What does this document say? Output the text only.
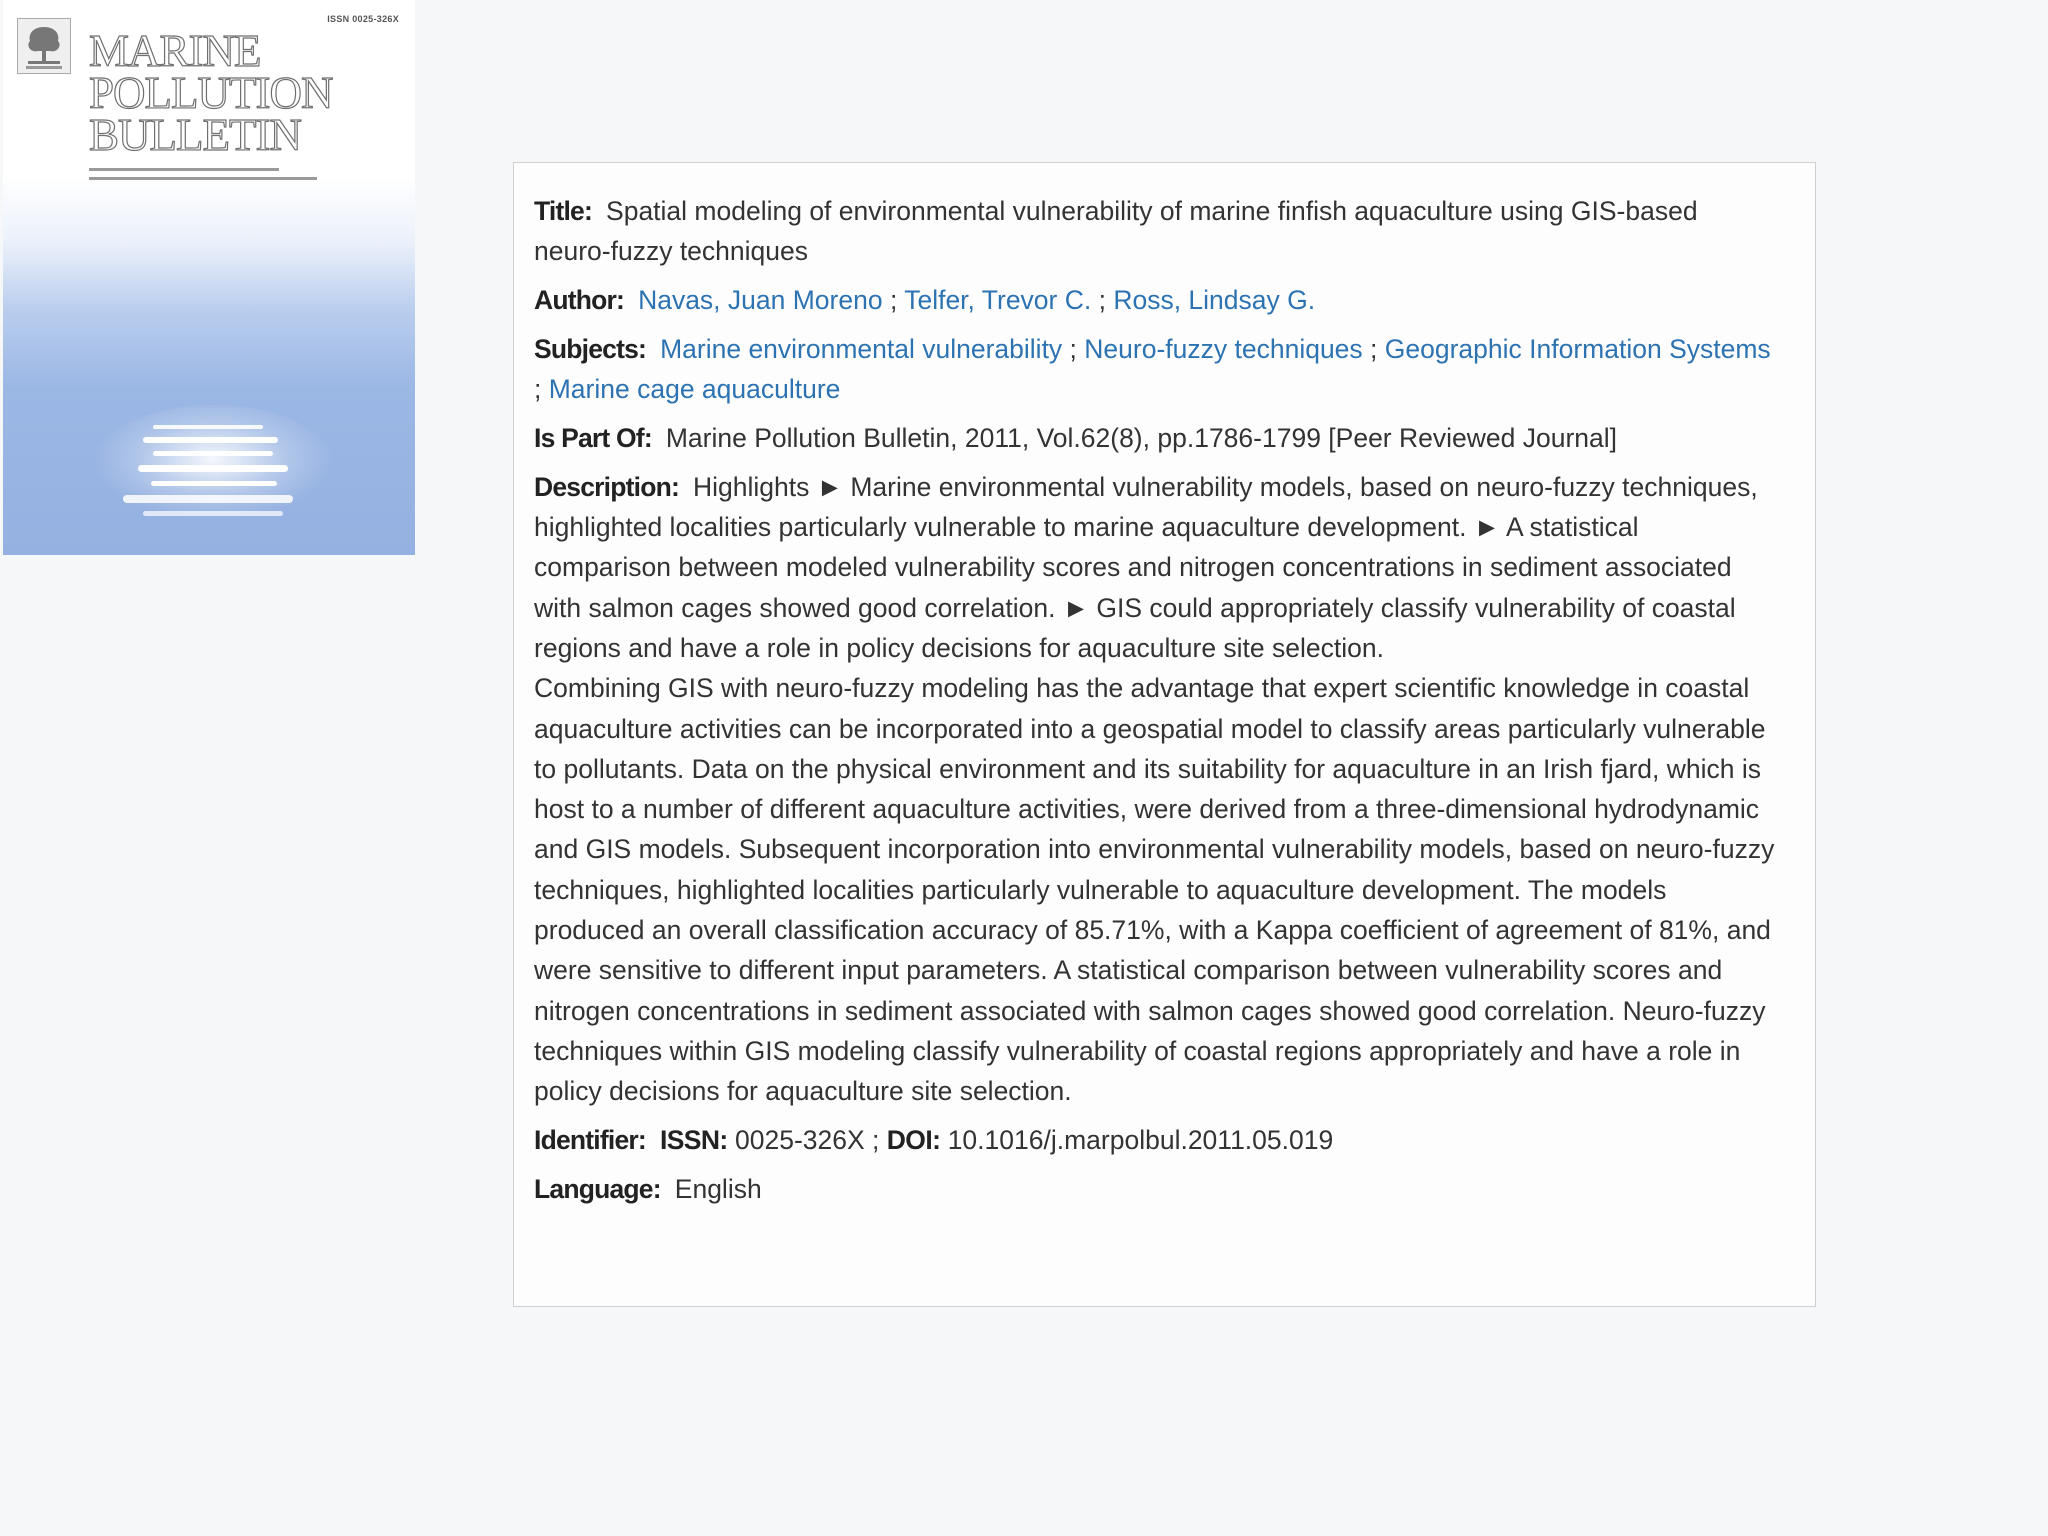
ISSN 0025-326X
MARINE
POLLUTION
BULLETIN
Title: Spatial modeling of environmental vulnerability of marine finfish aquaculture using GIS-based neuro-fuzzy techniques
Author: Navas, Juan Moreno ; Telfer, Trevor C. ; Ross, Lindsay G.
Subjects: Marine environmental vulnerability ; Neuro-fuzzy techniques ; Geographic Information Systems ; Marine cage aquaculture
Is Part Of: Marine Pollution Bulletin, 2011, Vol.62(8), pp.1786-1799 [Peer Reviewed Journal]
Description: Highlights ► Marine environmental vulnerability models, based on neuro-fuzzy techniques, highlighted localities particularly vulnerable to marine aquaculture development. ► A statistical comparison between modeled vulnerability scores and nitrogen concentrations in sediment associated with salmon cages showed good correlation. ► GIS could appropriately classify vulnerability of coastal regions and have a role in policy decisions for aquaculture site selection.
Combining GIS with neuro-fuzzy modeling has the advantage that expert scientific knowledge in coastal aquaculture activities can be incorporated into a geospatial model to classify areas particularly vulnerable to pollutants. Data on the physical environment and its suitability for aquaculture in an Irish fjard, which is host to a number of different aquaculture activities, were derived from a three-dimensional hydrodynamic and GIS models. Subsequent incorporation into environmental vulnerability models, based on neuro-fuzzy techniques, highlighted localities particularly vulnerable to aquaculture development. The models produced an overall classification accuracy of 85.71%, with a Kappa coefficient of agreement of 81%, and were sensitive to different input parameters. A statistical comparison between vulnerability scores and nitrogen concentrations in sediment associated with salmon cages showed good correlation. Neuro-fuzzy techniques within GIS modeling classify vulnerability of coastal regions appropriately and have a role in policy decisions for aquaculture site selection.
Identifier: ISSN: 0025-326X ; DOI: 10.1016/j.marpolbul.2011.05.019
Language: English
